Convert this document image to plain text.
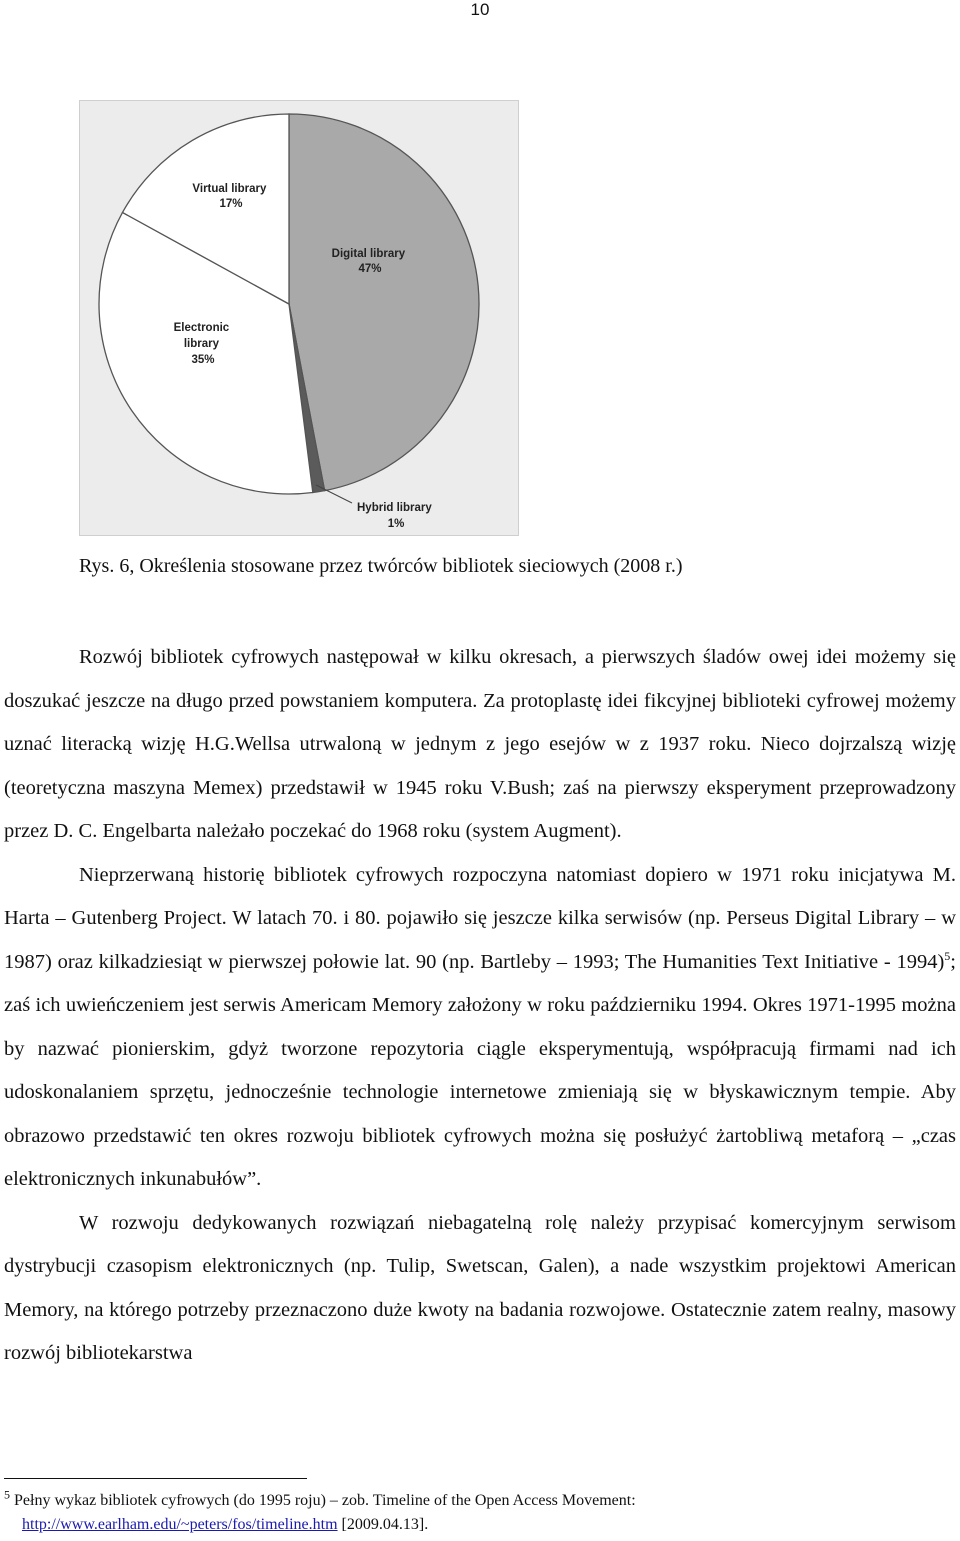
10
Virtual library 17%
Digital library 47%
Electronic library 35%
Hybrid library 1%
Rys. 6, Określenia stosowane przez twórców bibliotek sieciowych (2008 r.)

Rozwój bibliotek cyfrowych następował w kilku okresach, a pierwszych śladów owej idei możemy się doszukać jeszcze na długo przed powstaniem komputera. Za protoplastę idei fikcyjnej biblioteki cyfrowej możemy uznać literacką wizję H.G.Wellsa utrwaloną w jednym z jego esejów w z 1937 roku. Nieco dojrzalszą wizję (teoretyczna maszyna Memex) przedstawił w 1945 roku V.Bush; zaś na pierwszy eksperyment przeprowadzony przez D. C. Engelbarta należało poczekać do 1968 roku (system Augment).

Nieprzerwaną historię bibliotek cyfrowych rozpoczyna natomiast dopiero w 1971 roku inicjatywa M. Harta – Gutenberg Project. W latach 70. i 80. pojawiło się jeszcze kilka serwisów (np. Perseus Digital Library – w 1987) oraz kilkadziesiąt w pierwszej połowie lat. 90 (np. Bartleby – 1993; The Humanities Text Initiative - 1994)$^5$; zaś ich uwieńczeniem jest serwis Americam Memory założony w roku październiku 1994. Okres 1971-1995 można by nazwać pionierskim, gdyż tworzone repozytoria ciągle eksperymentują, współpracują firmami nad ich udoskonalaniem sprzętu, jednocześnie technologie internetowe zmieniają się w błyskawicznym tempie. Aby obrazowo przedstawić ten okres rozwoju bibliotek cyfrowych można się posłużyć żartobliwą metaforą – „czas elektronicznych inkunabułów”.

W rozwoju dedykowanych rozwiązań niebagatelną rolę należy przypisać komercyjnym serwisom dystrybucji czasopism elektronicznych (np. Tulip, Swetscan, Galen), a nade wszystkim projektowi American Memory, na którego potrzeby przeznaczono duże kwoty na badania rozwojowe. Ostatecznie zatem realny, masowy rozwój bibliotekarstwa

$^5$ Pełny wykaz bibliotek cyfrowych (do 1995 roju) – zob. Timeline of the Open Access Movement:
http://www.earlham.edu/~peters/fos/timeline.htm [2009.04.13].
